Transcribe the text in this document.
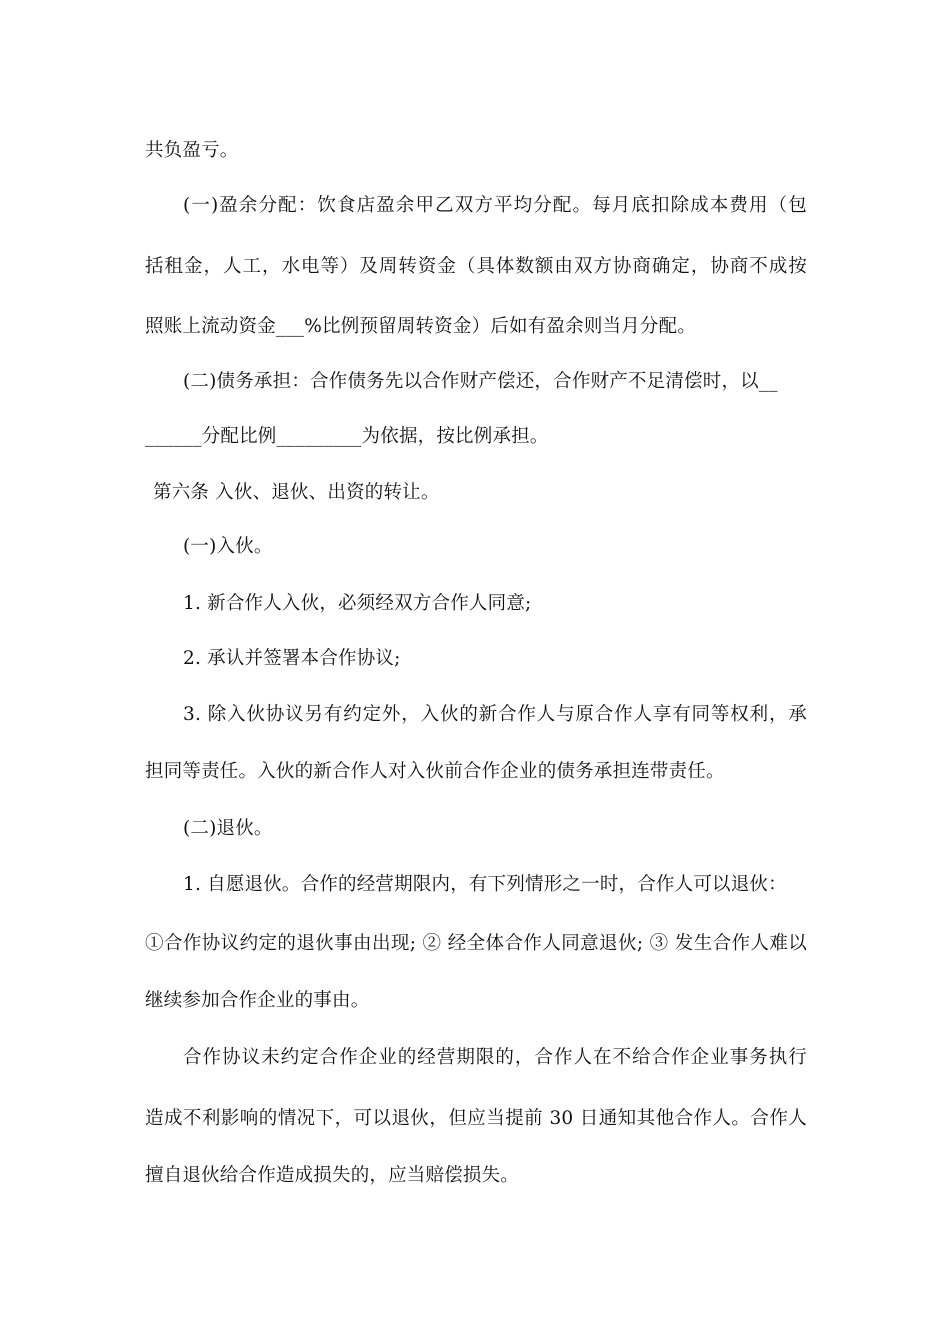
共负盈亏。
(一)盈余分配：饮食店盈余甲乙双方平均分配。每月底扣除成本费用（包
括租金，人工，水电等）及周转资金（具体数额由双方协商确定，协商不成按
照账上流动资金___%比例预留周转资金）后如有盈余则当月分配。
(二)债务承担：合作债务先以合作财产偿还，合作财产不足清偿时，以__
______分配比例_________为依据，按比例承担。
第六条 入伙、退伙、出资的转让。
(一)入伙。
1. 新合作人入伙，必须经双方合作人同意;
2. 承认并签署本合作协议;
3. 除入伙协议另有约定外，入伙的新合作人与原合作人享有同等权利，承
担同等责任。入伙的新合作人对入伙前合作企业的债务承担连带责任。
(二)退伙。
1. 自愿退伙。合作的经营期限内，有下列情形之一时，合作人可以退伙：
①合作协议约定的退伙事由出现; ② 经全体合作人同意退伙; ③ 发生合作人难以
继续参加合作企业的事由。
合作协议未约定合作企业的经营期限的，合作人在不给合作企业事务执行
造成不利影响的情况下，可以退伙，但应当提前 30 日通知其他合作人。合作人
擅自退伙给合作造成损失的，应当赔偿损失。
